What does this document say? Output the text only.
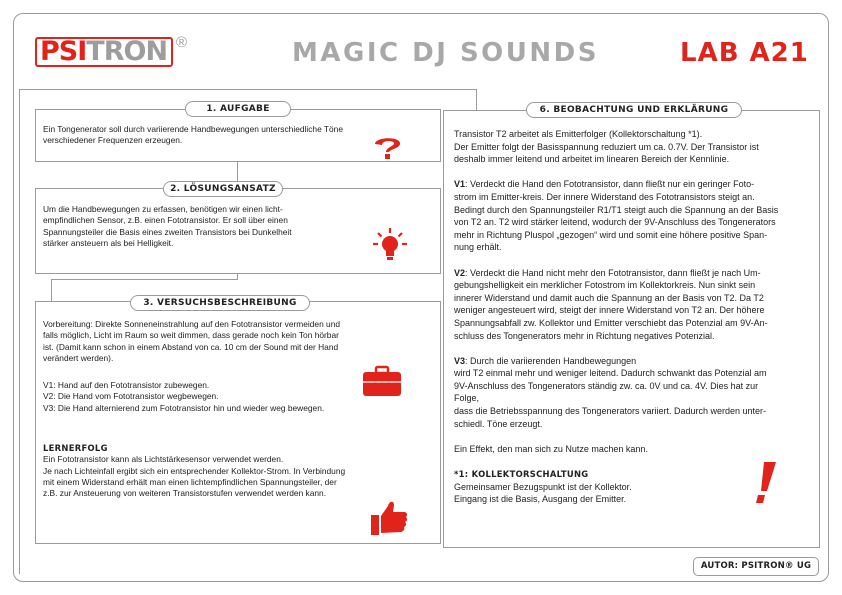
PSI TRON ®	MAGIC DJ SOUNDS	LAB A21
1. AUFGABE

Ein Tongenerator soll durch variierende Handbewegungen unterschiedliche Töne

verschiedener Frequenzen erzeugen.

2. LÖSUNGSANSATZ

Um die Handbewegungen zu erfassen, benötigen wir einen licht-

empfindlichen Sensor, z.B. einen Fototransistor. Er soll über einen

Spannungsteiler die Basis eines zweiten Transistors bei Dunkelheit

stärker ansteuern als bei Helligkeit.

3. VERSUCHSBESCHREIBUNG

Vorbereitung: Direkte Sonneneinstrahlung auf den Fototransistor vermeiden und

falls möglich, Licht im Raum so weit dimmen, dass gerade noch kein Ton hörbar

ist. (Damit kann schon in einem Abstand von ca. 10 cm der Sound mit der Hand

verändert werden).

V1: Hand auf den Fototransistor zubewegen.

V2: Die Hand vom Fototransistor wegbewegen.

V3: Die Hand alternierend zum Fototransistor hin und wieder weg bewegen.

LERNERFOLG

Ein Fototransistor kann als Lichtstärkesensor verwendet werden.

Je nach Lichteinfall ergibt sich ein entsprechender Kollektor-Strom. In Verbindung

mit einem Widerstand erhält man einen lichtempfindlichen Spannungsteiler, der

z.B. zur Ansteuerung von weiteren Transistorstufen verwendet werden kann.

6. BEOBACHTUNG UND ERKLÄRUNG

Transistor T2 arbeitet als Emitterfolger (Kollektorschaltung *1).

Der Emitter folgt der Basisspannung reduziert um ca. 0.7V. Der Transistor ist

deshalb immer leitend und arbeitet im linearen Bereich der Kennlinie.

V1: Verdeckt die Hand den Fototransistor, dann fließt nur ein geringer Foto-

strom im Emitter-kreis. Der innere Widerstand des Fototransistors steigt an.

Bedingt durch den Spannungsteiler R1/T1 steigt auch die Spannung an der Basis

von T2 an. T2 wird stärker leitend, wodurch der 9V-Anschluss des Tongenerators

mehr in Richtung Pluspol „gezogen“ wird und somit eine höhere positive Span-

nung erhält.

V2: Verdeckt die Hand nicht mehr den Fototransistor, dann fließt je nach Um-

gebungshelligkeit ein merklicher Fotostrom im Kollektorkreis. Nun sinkt sein

innerer Widerstand und damit auch die Spannung an der Basis von T2. Da T2

weniger angesteuert wird, steigt der innere Widerstand von T2 an. Der höhere

Spannungsabfall zw. Kollektor und Emitter verschiebt das Potenzial am 9V-An-

schluss des Tongenerators mehr in Richtung negatives Potenzial.

V3: Durch die variierenden Handbewegungen

wird T2 einmal mehr und weniger leitend. Dadurch schwankt das Potenzial am

9V-Anschluss des Tongenerators ständig zw. ca. 0V und ca. 4V. Dies hat zur Folge,

dass die Betriebsspannung des Tongenerators variiert. Dadurch werden unter-

schiedl. Töne erzeugt.

Ein Effekt, den man sich zu Nutze machen kann.

*1: KOLLEKTORSCHALTUNG

Gemeinsamer Bezugspunkt ist der Kollektor.

Eingang ist die Basis, Ausgang der Emitter.

AUTOR: PSITRON® UG
